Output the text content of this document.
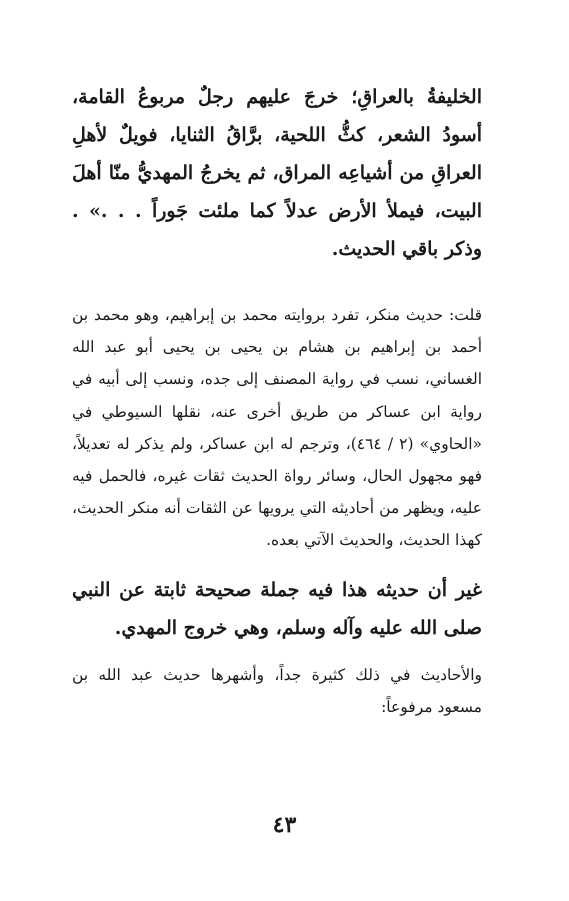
الخليفةُ بالعراقِ؛ خرجَ عليهم رجلٌ مربوعُ القامة، أسودُ الشعر، كثُّ اللحية، برَّاقُ الثنايا، فويلٌ لأهلِ العراقِ من أشياعِه المراق، ثم يخرجُ المهديُّ منّا أهلَ البيت، فيملأ الأرض عدلاً كما ملئت جَوراً . . .» . وذكر باقي الحديث.

قلت: حديث منكر، تفرد بروايته محمد بن إبراهيم، وهو محمد بن أحمد بن إبراهيم بن هشام بن يحيى بن يحيى أبو عبد الله الغساني، نسب في رواية المصنف إلى جده، ونسب إلى أبيه في رواية ابن عساكر من طريق أخرى عنه، نقلها السيوطي في «الحاوي» (٢ / ٤٦٤)، وترجم له ابن عساكر، ولم يذكر له تعديلاً، فهو مجهول الحال، وسائر رواة الحديث ثقات غيره، فالحمل فيه عليه، ويظهر من أحاديثه التي يرويها عن الثقات أنه منكر الحديث، كهذا الحديث، والحديث الآتي بعده.

غير أن حديثه هذا فيه جملة صحيحة ثابتة عن النبي صلى الله عليه وآله وسلم، وهي خروج المهدي.

والأحاديث في ذلك كثيرة جداً، وأشهرها حديث عبد الله بن مسعود مرفوعاً:

٤٣
